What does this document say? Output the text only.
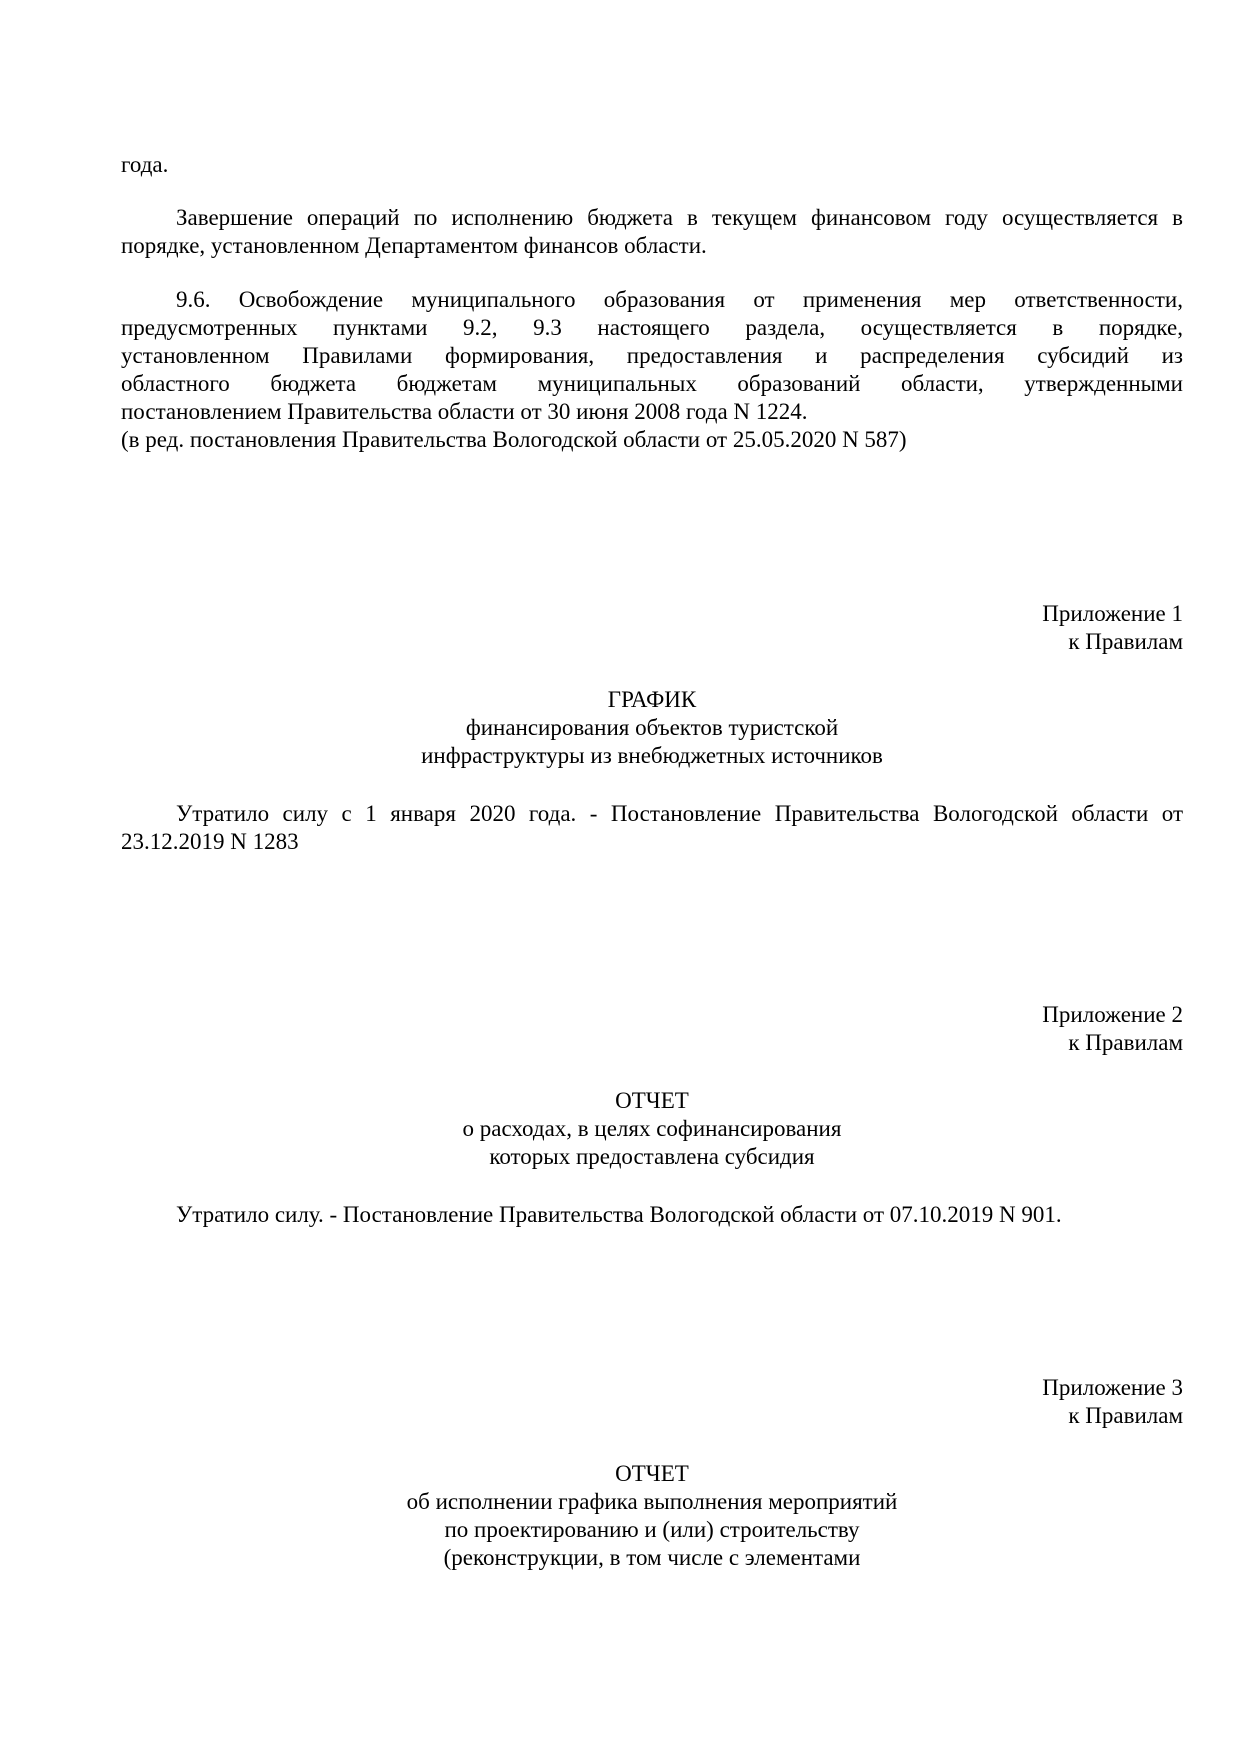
года.

Завершение операций по исполнению бюджета в текущем финансовом году осуществляется в порядке, установленном Департаментом финансов области.

9.6. Освобождение муниципального образования от применения мер ответственности,
предусмотренных пунктами 9.2, 9.3 настоящего раздела, осуществляется в порядке,
установленном Правилами формирования, предоставления и распределения субсидий из
областного бюджета бюджетам муниципальных образований области, утвержденными
постановлением Правительства области от 30 июня 2008 года N 1224.
(в ред. постановления Правительства Вологодской области от 25.05.2020 N 587)
Приложение 1
к Правилам
ГРАФИК
финансирования объектов туристской
инфраструктуры из внебюджетных источников

Утратило силу с 1 января 2020 года. - Постановление Правительства Вологодской области от 23.12.2019 N 1283

Приложение 2
к Правилам
ОТЧЕТ
о расходах, в целях софинансирования
которых предоставлена субсидия

Утратило силу. - Постановление Правительства Вологодской области от 07.10.2019 N 901.

Приложение 3
к Правилам
ОТЧЕТ
об исполнении графика выполнения мероприятий
по проектированию и (или) строительству
(реконструкции, в том числе с элементами
